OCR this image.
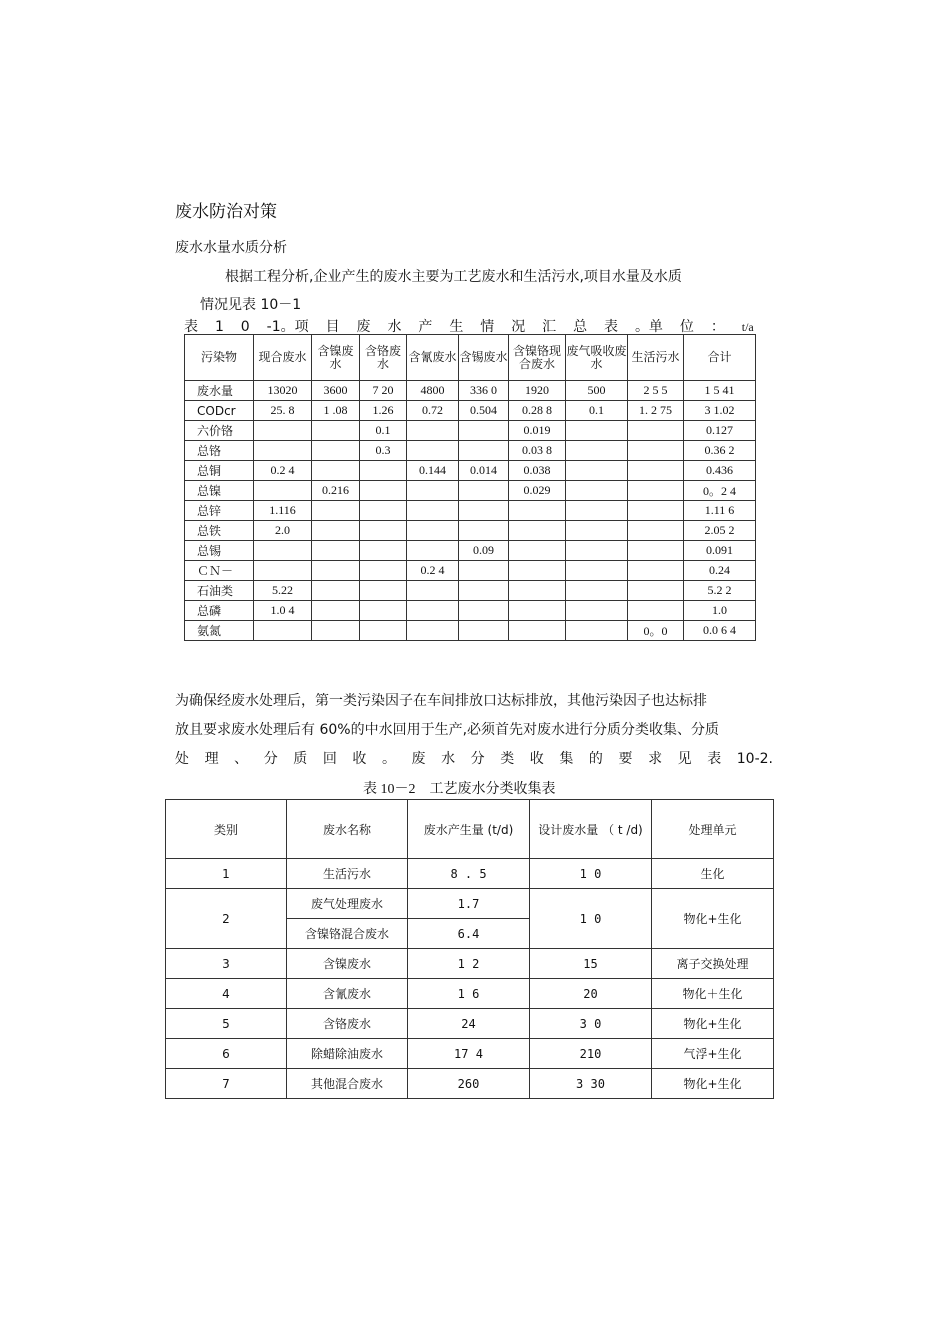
废水防治对策
废水水量水质分析
根据工程分析,企业产生的废水主要为工艺废水和生活污水,项目水量及水质
情况见表 10－1
表 1 0 -1。项 目 废 水 产 生 情 况 汇 总 表 。单 位 ： t/a
污染物	现合废水	含镍废水	含铬废水	含氰废水	含锡废水	含镍铬现合废水	废气吸收废水	生活污水	合计
废水量	13020	3600	7 20	4800	336 0	1920	500	2 5 5	1 5 41
CODcr	25. 8	1 .08	1.26	0.72	0.504	0.28 8	0.1	1. 2 75	3 1.02
六价铬			0.1			0.019			0.127
总铬			0.3			0.03 8			0.36 2
总铜	0.2 4			0.144	0.014	0.038			0.436
总镍		0.216				0.029			0。2 4
总锌	1.116								1.11 6
总铁	2.0								2.05 2
总锡					0.09				0.091
ＣＮ－				0.2 4					0.24
石油类	5.22								5.2 2
总磷	1.0 4								1.0
氨氮								0。0	0.0 6 4
为确保经废水处理后，第一类污染因子在车间排放口达标排放，其他污染因子也达标排
放且要求废水处理后有 60%的中水回用于生产,必须首先对废水进行分质分类收集、分质
处 理 、 分 质 回 收 。 废 水 分 类 收 集 的 要 求 见 表 10-2.
表 10－2　工艺废水分类收集表
类别	废水名称	废水产生量 (t/d)	设计废水量 （ t /d)	处理单元
1	生活污水	8 . 5	1 0	生化
2	废气处理废水	1.7	1 0	物化+生化
	含镍铬混合废水	6.4		
3	含镍废水	1 2	15	离子交换处理
4	含氰废水	1 6	20	物化＋生化
5	含铬废水	24	3 0	物化+生化
6	除蜡除油废水	17 4	210	气浮+生化
7	其他混合废水	260	3 30	物化+生化
